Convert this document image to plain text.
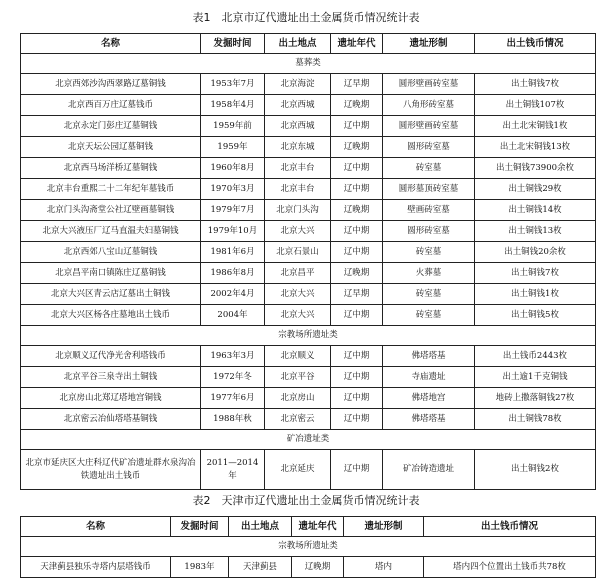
表1　北京市辽代遗址出土金属货币情况统计表
名称	发掘时间	出土地点	遗址年代	遗址形制	出土钱币情况
墓葬类					
北京西郊沙沟西翠路辽墓铜钱	1953年7月	北京海淀	辽早期	圆形壁画砖室墓	出土铜钱7枚
北京西百万庄辽墓钱币	1958年4月	北京西城	辽晚期	八角形砖室墓	出土铜钱107枚
北京永定门彭庄辽墓铜钱	1959年前	北京西城	辽中期	圆形壁画砖室墓	出土北宋铜钱1枚
北京天坛公园辽墓铜钱	1959年	北京东城	辽晚期	圆形砖室墓	出土北宋铜钱13枚
北京西马场洋桥辽墓铜钱	1960年8月	北京丰台	辽中期	砖室墓	出土铜钱73900余枚
北京丰台重熙二十二年纪年墓钱币	1970年3月	北京丰台	辽中期	圆形墓顶砖室墓	出土铜钱29枚
北京门头沟斋堂公社辽壁画墓铜钱	1979年7月	北京门头沟	辽晚期	壁画砖室墓	出土铜钱14枚
北京大兴液压厂辽马直温夫妇墓铜钱	1979年10月	北京大兴	辽中期	圆形砖室墓	出土铜钱13枚
北京西郊八宝山辽墓铜钱	1981年6月	北京石景山	辽中期	砖室墓	出土铜钱20余枚
北京昌平南口镇陈庄辽墓铜钱	1986年8月	北京昌平	辽晚期	火葬墓	出土铜钱7枚
北京大兴区青云店辽墓出土铜钱	2002年4月	北京大兴	辽早期	砖室墓	出土铜钱1枚
北京大兴区杨各庄墓地出土钱币	2004年	北京大兴	辽中期	砖室墓	出土铜钱5枚
宗教场所遗址类					
北京顺义辽代净光舍利塔钱币	1963年3月	北京顺义	辽中期	佛塔塔基	出土钱币2443枚
北京平谷三泉寺出土铜钱	1972年冬	北京平谷	辽中期	寺庙遗址	出土逾1千克铜钱
北京房山北郑辽塔地宫铜钱	1977年6月	北京房山	辽中期	佛塔地宫	地砖上撒落铜钱27枚
北京密云冶仙塔塔基铜钱	1988年秋	北京密云	辽中期	佛塔塔基	出土铜钱78枚
矿冶遗址类					
北京市延庆区大庄科辽代矿冶遗址群水泉沟冶铁遗址出土钱币	2011—2014年	北京延庆	辽中期	矿冶铸造遗址	出土铜钱2枚
表2　天津市辽代遗址出土金属货币情况统计表
名称	发掘时间	出土地点	遗址年代	遗址形制	出土钱币情况
宗教场所遗址类					
天津蓟县独乐寺塔内层塔钱币	1983年	天津蓟县	辽晚期	塔内	塔内四个位置出土钱币共78枚
